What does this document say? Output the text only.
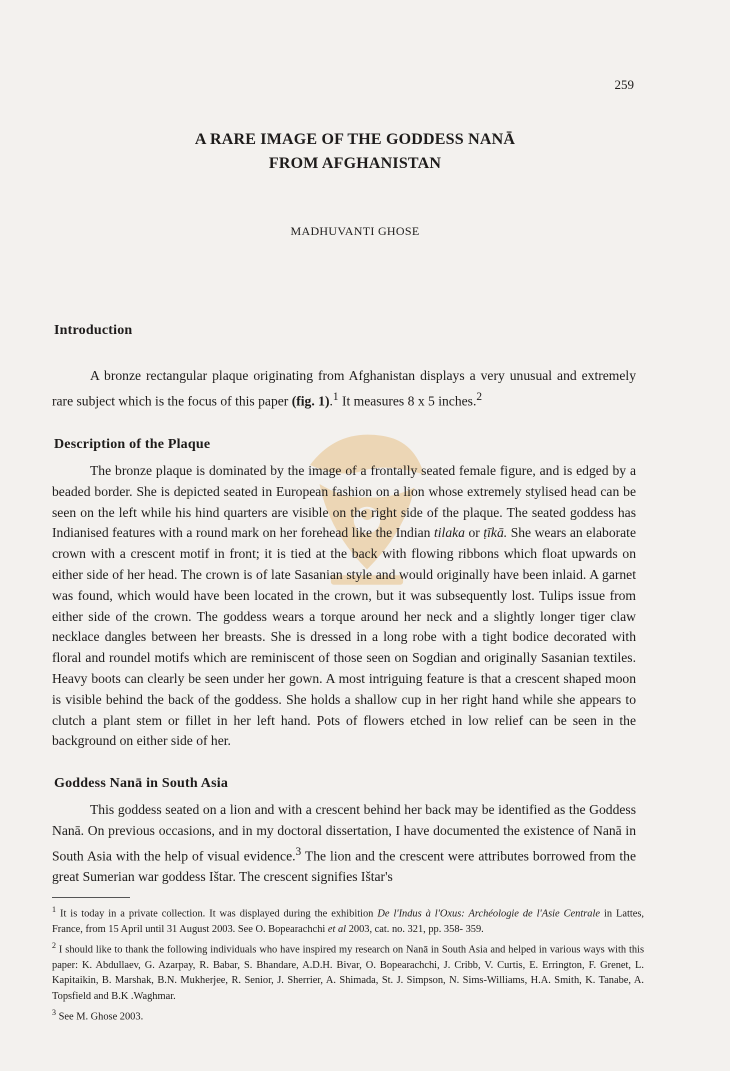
259
A RARE IMAGE OF THE GODDESS NANĀ
FROM AFGHANISTAN
MADHUVANTI GHOSE
Introduction

A bronze rectangular plaque originating from Afghanistan displays a very unusual and extremely rare subject which is the focus of this paper (fig. 1).$^1$ It measures 8 x 5 inches.$^2$

Description of the Plaque

The bronze plaque is dominated by the image of a frontally seated female figure, and is edged by a beaded border. She is depicted seated in European fashion on a lion whose extremely stylised head can be seen on the left while his hind quarters are visible on the right side of the plaque. The seated goddess has Indianised features with a round mark on her forehead like the Indian tilaka or ṭīkā. She wears an elaborate crown with a crescent motif in front; it is tied at the back with flowing ribbons which float upwards on either side of her head. The crown is of late Sasanian style and would originally have been inlaid. A garnet was found, which would have been located in the crown, but it was subsequently lost. Tulips issue from either side of the crown. The goddess wears a torque around her neck and a slightly longer tiger claw necklace dangles between her breasts. She is dressed in a long robe with a tight bodice decorated with floral and roundel motifs which are reminiscent of those seen on Sogdian and originally Sasanian textiles. Heavy boots can clearly be seen under her gown. A most intriguing feature is that a crescent shaped moon is visible behind the back of the goddess. She holds a shallow cup in her right hand while she appears to clutch a plant stem or fillet in her left hand. Pots of flowers etched in low relief can be seen in the background on either side of her.

Goddess Nanā in South Asia

This goddess seated on a lion and with a crescent behind her back may be identified as the Goddess Nanā. On previous occasions, and in my doctoral dissertation, I have documented the existence of Nanā in South Asia with the help of visual evidence.$^3$ The lion and the crescent were attributes borrowed from the great Sumerian war goddess Ištar. The crescent signifies Ištar's

$^1$ It is today in a private collection. It was displayed during the exhibition De l'Indus à l'Oxus: Archéologie de l'Asie Centrale in Lattes, France, from 15 April until 31 August 2003. See O. Bopearachchi et al 2003, cat. no. 321, pp. 358- 359.

$^2$ I should like to thank the following individuals who have inspired my research on Nanā in South Asia and helped in various ways with this paper: K. Abdullaev, G. Azarpay, R. Babar, S. Bhandare, A.D.H. Bivar, O. Bopearachchi, J. Cribb, V. Curtis, E. Errington, F. Grenet, L. Kapitaikin, B. Marshak, B.N. Mukherjee, R. Senior, J. Sherrier, A. Shimada, St. J. Simpson, N. Sims-Williams, H.A. Smith, K. Tanabe, A. Topsfield and B.K .Waghmar.

$^3$ See M. Ghose 2003.
